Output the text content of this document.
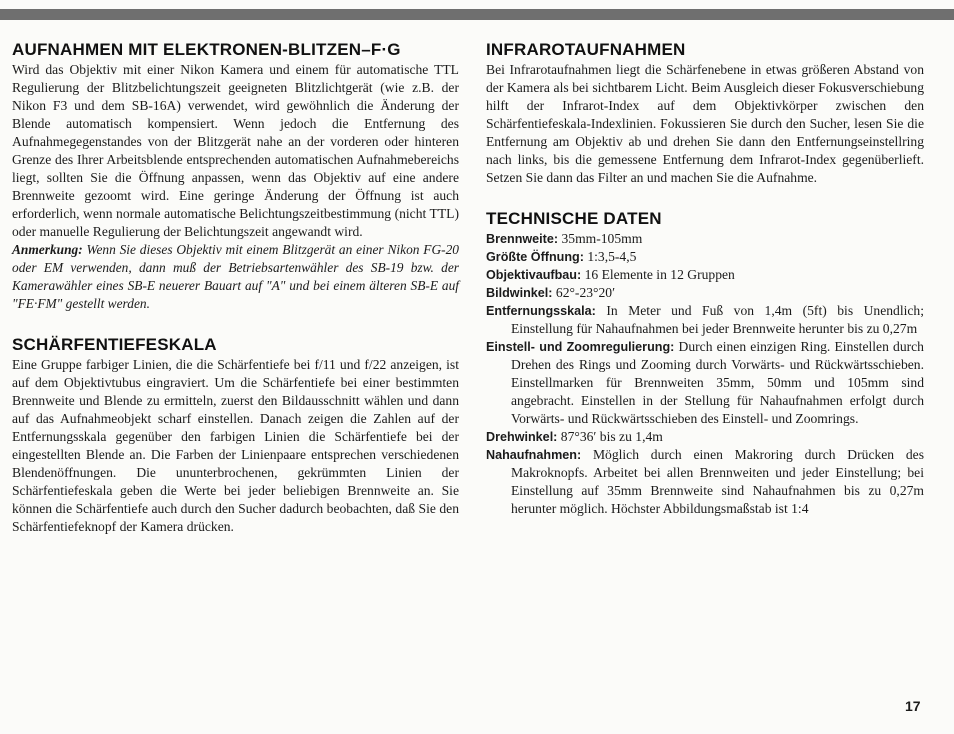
AUFNAHMEN MIT ELEKTRONEN-BLITZEN–F·G

Wird das Objektiv mit einer Nikon Kamera und einem für automatische TTL Regulierung der Blitzbelichtungszeit geeigneten Blitzlichtgerät (wie z.B. der Nikon F3 und dem SB-16A) verwendet, wird gewöhnlich die Änderung der Blende automatisch kompensiert. Wenn jedoch die Entfernung des Aufnahmegegenstandes von der Blitzgerät nahe an der vorderen oder hinteren Grenze des Ihrer Arbeitsblende entsprechenden automatischen Aufnahmebereichs liegt, sollten Sie die Öffnung anpassen, wenn das Objektiv auf eine andere Brennweite gezoomt wird. Eine geringe Änderung der Öffnung ist auch erforderlich, wenn normale automatische Belichtungszeitbestimmung (nicht TTL) oder manuelle Regulierung der Belichtungszeit angewandt wird.

Anmerkung: Wenn Sie dieses Objektiv mit einem Blitzgerät an einer Nikon FG-20 oder EM verwenden, dann muß der Betriebsartenwähler des SB-19 bzw. der Kamerawähler eines SB-E neuerer Bauart auf "A" und bei einem älteren SB-E auf "FE·FM" gestellt werden.

SCHÄRFENTIEFESKALA

Eine Gruppe farbiger Linien, die die Schärfentiefe bei f/11 und f/22 anzeigen, ist auf dem Objektivtubus eingraviert. Um die Schärfentiefe bei einer bestimmten Brennweite und Blende zu ermitteln, zuerst den Bildausschnitt wählen und dann auf das Aufnahmeobjekt scharf einstellen. Danach zeigen die Zahlen auf der Entfernungsskala gegenüber den farbigen Linien die Schärfentiefe bei der eingestellten Blende an. Die Farben der Linienpaare entsprechen verschiedenen Blendenöffnungen. Die ununterbrochenen, gekrümmten Linien der Schärfentiefeskala geben die Werte bei jeder beliebigen Brennweite an. Sie können die Schärfentiefe auch durch den Sucher dadurch beobachten, daß Sie den Schärfentiefeknopf der Kamera drücken.

INFRAROTAUFNAHMEN

Bei Infrarotaufnahmen liegt die Schärfenebene in etwas größeren Abstand von der Kamera als bei sichtbarem Licht. Beim Ausgleich dieser Fokusverschiebung hilft der Infrarot-Index auf dem Objektivkörper zwischen den Schärfentiefeskala-Indexlinien. Fokussieren Sie durch den Sucher, lesen Sie die Entfernung am Objektiv ab und drehen Sie dann den Entfernungseinstellring nach links, bis die gemessene Entfernung dem Infrarot-Index gegenüberlieft. Setzen Sie dann das Filter an und machen Sie die Aufnahme.

TECHNISCHE DATEN

Brennweite: 35mm-105mm

Größte Öffnung: 1:3,5-4,5

Objektivaufbau: 16 Elemente in 12 Gruppen

Bildwinkel: 62°-23°20′

Entfernungsskala: In Meter und Fuß von 1,4m (5ft) bis Unendlich; Einstellung für Nahaufnahmen bei jeder Brennweite herunter bis zu 0,27m

Einstell- und Zoomregulierung: Durch einen einzigen Ring. Einstellen durch Drehen des Rings und Zooming durch Vorwärts- und Rückwärtsschieben. Einstellmarken für Brennweiten 35mm, 50mm und 105mm sind angebracht. Einstellen in der Stellung für Nahaufnahmen erfolgt durch Vorwärts- und Rückwärtsschieben des Einstell- und Zoomrings.

Drehwinkel: 87°36′ bis zu 1,4m

Nahaufnahmen: Möglich durch einen Makroring durch Drücken des Makroknopfs. Arbeitet bei allen Brennweiten und jeder Einstellung; bei Einstellung auf 35mm Brennweite sind Nahaufnahmen bis zu 0,27m herunter möglich. Höchster Abbildungsmaßstab ist 1:4

17
